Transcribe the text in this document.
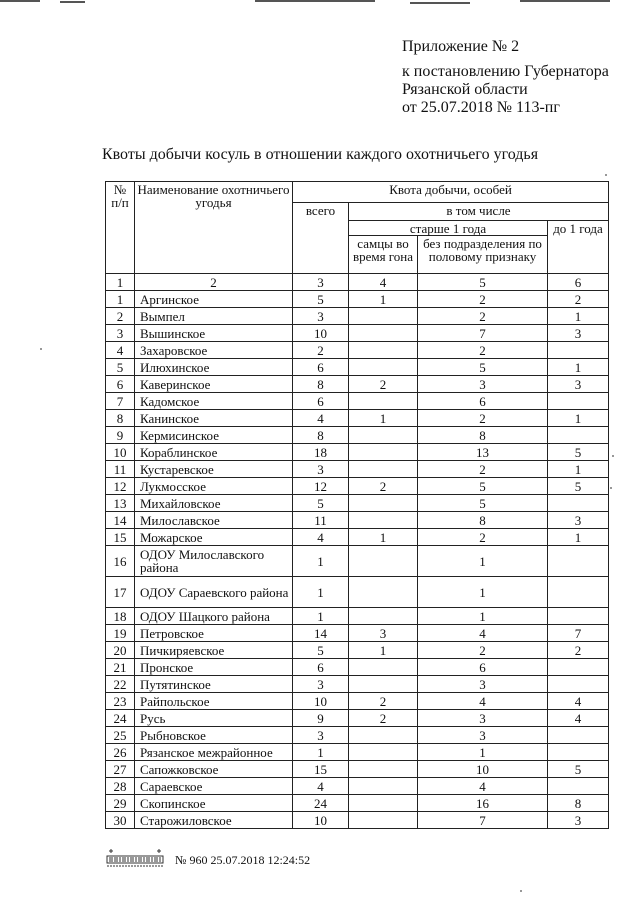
Приложение № 2
к постановлению Губернатора
Рязанской области
от 25.07.2018 № 113-пг
Квоты добычи косуль в отношении каждого охотничьего угодья
№ п/п	Наименование охотничьего угодья	Квота добычи, особей			
		всего	в том числе		
			старше 1 года		до 1 года
			самцы во время гона	без подразделения по половому признаку	
1	2	3	4	5	6
1	Аргинское	5	1	2	2
2	Вымпел	3		2	1
3	Вышинское	10		7	3
4	Захаровское	2		2	
5	Илюхинское	6		5	1
6	Каверинское	8	2	3	3
7	Кадомское	6		6	
8	Канинское	4	1	2	1
9	Кермисинское	8		8	
10	Кораблинское	18		13	5
11	Кустаревское	3		2	1
12	Лукмосское	12	2	5	5
13	Михайловское	5		5	
14	Милославское	11		8	3
15	Можарское	4	1	2	1
16	ОДОУ Милославского района	1		1	
17	ОДОУ Сараевского района	1		1	
18	ОДОУ Шацкого района	1		1	
19	Петровское	14	3	4	7
20	Пичкиряевское	5	1	2	2
21	Пронское	6		6	
22	Путятинское	3		3	
23	Райпольское	10	2	4	4
24	Русь	9	2	3	4
25	Рыбновское	3		3	
26	Рязанское межрайонное	1		1	
27	Сапожковское	15		10	5
28	Сараевское	4		4	
29	Скопинское	24		16	8
30	Старожиловское	10		7	3
№ 960 25.07.2018 12:24:52
